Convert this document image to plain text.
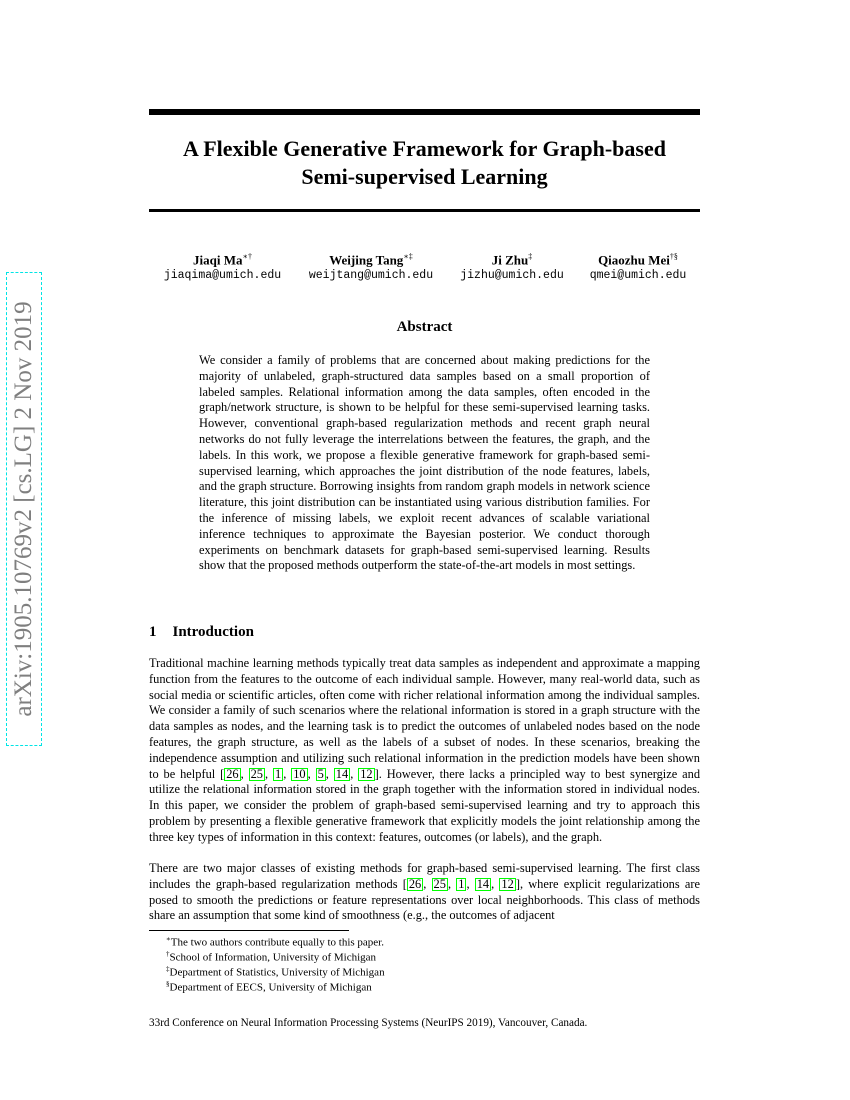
arXiv:1905.10769v2 [cs.LG] 2 Nov 2019
A Flexible Generative Framework for Graph-based
Semi-supervised Learning
Jiaqi Ma∗†
jiaqima@umich.edu
Weijing Tang∗‡
weijtang@umich.edu
Ji Zhu‡
jizhu@umich.edu
Qiaozhu Mei†§
qmei@umich.edu
Abstract

We consider a family of problems that are concerned about making predictions for the majority of unlabeled, graph-structured data samples based on a small proportion of labeled samples. Relational information among the data samples, often encoded in the graph/network structure, is shown to be helpful for these semi-supervised learning tasks. However, conventional graph-based regularization methods and recent graph neural networks do not fully leverage the interrelations between the features, the graph, and the labels. In this work, we propose a flexible generative framework for graph-based semi-supervised learning, which approaches the joint distribution of the node features, labels, and the graph structure. Borrowing insights from random graph models in network science literature, this joint distribution can be instantiated using various distribution families. For the inference of missing labels, we exploit recent advances of scalable variational inference techniques to approximate the Bayesian posterior. We conduct thorough experiments on benchmark datasets for graph-based semi-supervised learning. Results show that the proposed methods outperform the state-of-the-art models in most settings.

1 Introduction

Traditional machine learning methods typically treat data samples as independent and approximate a mapping function from the features to the outcome of each individual sample. However, many real-world data, such as social media or scientific articles, often come with richer relational information among the individual samples. We consider a family of such scenarios where the relational information is stored in a graph structure with the data samples as nodes, and the learning task is to predict the outcomes of unlabeled nodes based on the node features, the graph structure, as well as the labels of a subset of nodes. In these scenarios, breaking the independence assumption and utilizing such relational information in the prediction models have been shown to be helpful [ 26 , 25 , 1 , 10 , 5 , 14 , 12 ]. However, there lacks a principled way to best synergize and utilize the relational information stored in the graph together with the information stored in individual nodes. In this paper, we consider the problem of graph-based semi-supervised learning and try to approach this problem by presenting a flexible generative framework that explicitly models the joint relationship among the three key types of information in this context: features, outcomes (or labels), and the graph.

There are two major classes of existing methods for graph-based semi-supervised learning. The first class includes the graph-based regularization methods [ 26 , 25 , 1 , 14 , 12 ], where explicit regularizations are posed to smooth the predictions or feature representations over local neighborhoods. This class of methods share an assumption that some kind of smoothness (e.g., the outcomes of adjacent

∗The two authors contribute equally to this paper.
†School of Information, University of Michigan
‡Department of Statistics, University of Michigan
§Department of EECS, University of Michigan
33rd Conference on Neural Information Processing Systems (NeurIPS 2019), Vancouver, Canada.
